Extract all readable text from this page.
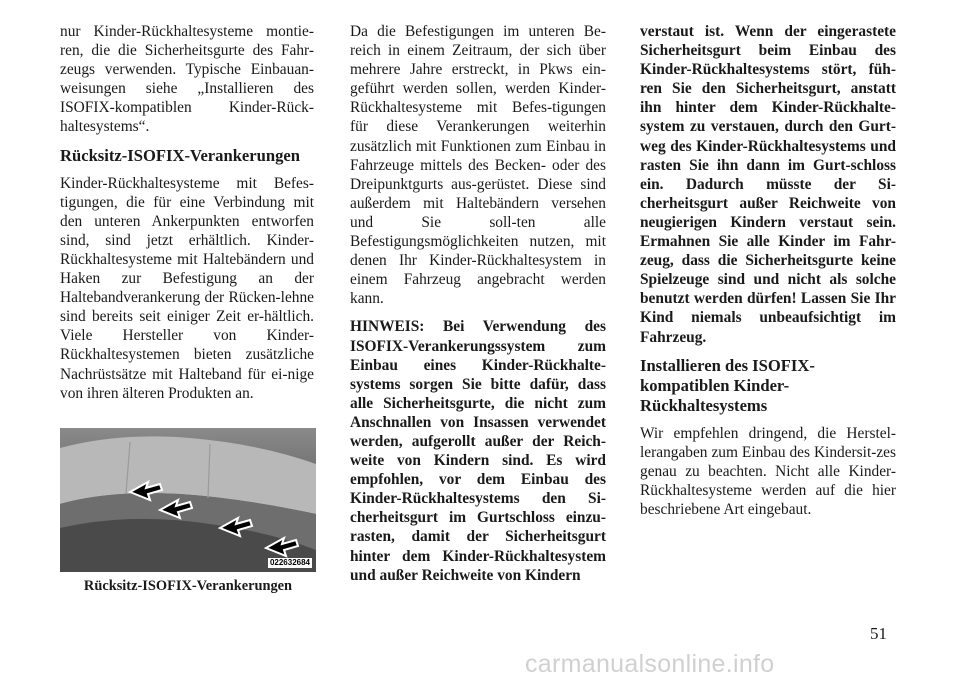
nur Kinder-Rückhaltesysteme montie-ren, die die Sicherheitsgurte des Fahr-zeugs verwenden. Typische Einbauan-weisungen siehe „Installieren des ISOFIX-kompatiblen Kinder-Rück-haltesystems“.

Rücksitz-ISOFIX-Verankerungen

Kinder-Rückhaltesysteme mit Befes-tigungen, die für eine Verbindung mit den unteren Ankerpunkten entworfen sind, sind jetzt erhältlich. Kinder-Rückhaltesysteme mit Haltebändern und Haken zur Befestigung an der Haltebandverankerung der Rücken-lehne sind bereits seit einiger Zeit er-hältlich. Viele Hersteller von Kinder-Rückhaltesystemen bieten zusätzliche Nachrüstsätze mit Halteband für ei-nige von ihren älteren Produkten an.

022632684
Rücksitz-ISOFIX-Verankerungen

Da die Befestigungen im unteren Be-reich in einem Zeitraum, der sich über mehrere Jahre erstreckt, in Pkws ein-geführt werden sollen, werden Kinder-Rückhaltesysteme mit Befes-tigungen für diese Verankerungen weiterhin zusätzlich mit Funktionen zum Einbau in Fahrzeuge mittels des Becken- oder des Dreipunktgurts aus-gerüstet. Diese sind außerdem mit Haltebändern versehen und Sie soll-ten alle Befestigungsmöglichkeiten nutzen, mit denen Ihr Kinder-Rückhaltesystem in einem Fahrzeug angebracht werden kann.

HINWEIS: Bei Verwendung des ISOFIX-Verankerungssystem zum Einbau eines Kinder-Rückhalte-systems sorgen Sie bitte dafür, dass alle Sicherheitsgurte, die nicht zum Anschnallen von Insassen verwendet werden, aufgerollt außer der Reich-weite von Kindern sind. Es wird empfohlen, vor dem Einbau des Kinder-Rückhaltesystems den Si-cherheitsgurt im Gurtschloss einzu-rasten, damit der Sicherheitsgurt hinter dem Kinder-Rückhaltesystem und außer Reichweite von Kindern

verstaut ist. Wenn der eingerastete Sicherheitsgurt beim Einbau des Kinder-Rückhaltesystems stört, füh-ren Sie den Sicherheitsgurt, anstatt ihn hinter dem Kinder-Rückhalte-system zu verstauen, durch den Gurt-weg des Kinder-Rückhaltesystems und rasten Sie ihn dann im Gurt-schloss ein. Dadurch müsste der Si-cherheitsgurt außer Reichweite von neugierigen Kindern verstaut sein. Ermahnen Sie alle Kinder im Fahr-zeug, dass die Sicherheitsgurte keine Spielzeuge sind und nicht als solche benutzt werden dürfen! Lassen Sie Ihr Kind niemals unbeaufsichtigt im Fahrzeug.

Installieren des ISOFIX-kompatiblen Kinder-Rückhaltesystems

Wir empfehlen dringend, die Herstel-lerangaben zum Einbau des Kindersit-zes genau zu beachten. Nicht alle Kinder-Rückhaltesysteme werden auf die hier beschriebene Art eingebaut.

51
carmanualsonline.info
